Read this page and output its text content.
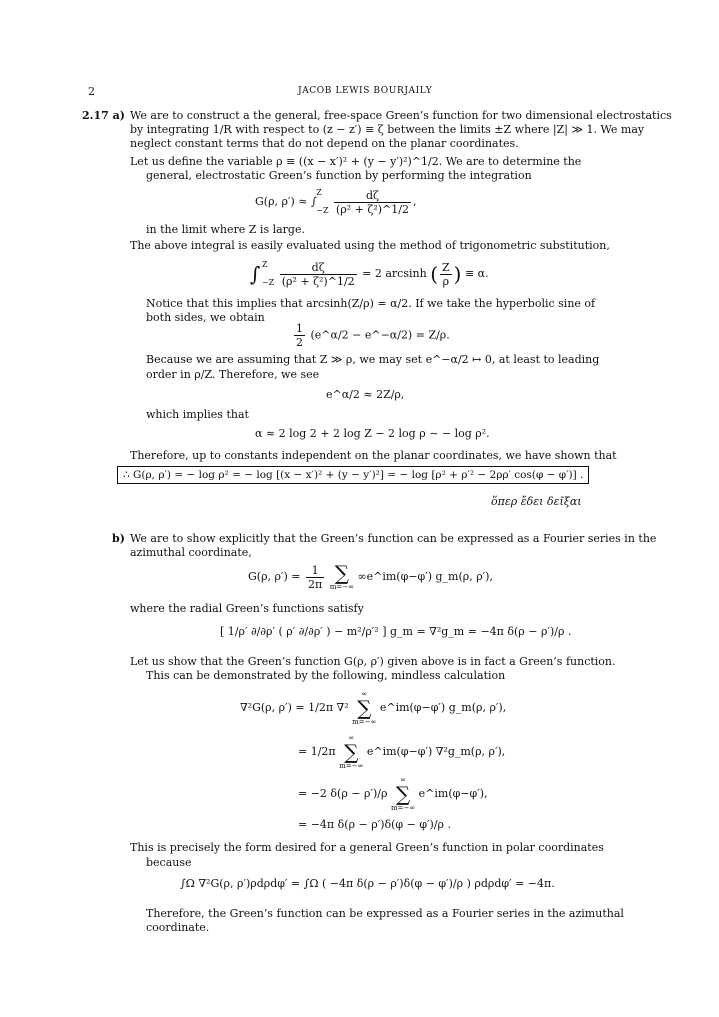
2	JACOB LEWIS BOURJAILY
2.17 a) We are to construct a the general, free-space Green’s function for two dimensional electrostatics
by integrating 1/R with respect to (z − z′) ≡ ζ between the limits ±Z where |Z| ≫ 1. We may
neglect constant terms that do not depend on the planar coordinates.
Let us define the variable ρ ≡ ((x − x′)² + (y − y′)²)^1/2. We are to determine the
general, electrostatic Green’s function by performing the integration
G(ρ, ρ′) ≈ ∫
Z
−Z
$\frac{d\zeta}{\text{(ρ² + ζ²)\textasciicircum{}1/2}}$ ,
in the limit where Z is large.
The above integral is easily evaluated using the method of trigonometric substitution,
∫ Z
−Z
$\frac{d\zeta}{\text{(ρ² + ζ²)\textasciicircum{}1/2}} = 2$ arcsinh ( $\frac{Z}{\rho}$ ) ≡ α.
Notice that this implies that arcsinh(Z/ρ) = α/2. If we take the hyperbolic sine of
both sides, we obtain
$\frac{1}{2}$ (e^α/2 − e^−α/2) = Z/ρ.
Because we are assuming that Z ≫ ρ, we may set e^−α/2 ↦ 0, at least to leading
order in ρ/Z. Therefore, we see
e^α/2 ≈ 2Z/ρ,
which implies that
α ≈ 2 log 2 + 2 log Z − 2 log ρ ∼ − log ρ².
Therefore, up to constants independent on the planar coordinates, we have shown that
∴ G(ρ, ρ′) = − log ρ² = − log [(x − x′)² + (y − y′)²] = − log [ρ² + ρ′² − 2ρρ′ cos(φ − φ′)] .
ὅπερ ἔδει δεῖξαι
b) We are to show explicitly that the Green’s function can be expressed as a Fourier series in the
azimuthal coordinate,
G(ρ, $\rho') = \frac{1}{2\pi}$
∑
m=−∞
∞e^im(φ−φ′) g_m(ρ, ρ′),
where the radial Green’s functions satisfy
[ 1/ρ′ ∂/∂ρ′ ( ρ′ ∂/∂ρ′ ) − m²/ρ′² ] g_m = ∇²g_m = −4π δ(ρ − ρ′)/ρ .
Let us show that the Green’s function G(ρ, ρ′) given above is in fact a Green’s function.
This can be demonstrated by the following, mindless calculation
∇²G(ρ, ρ′) = 1/2π ∇²
∞
∑
m=−∞
e^im(φ−φ′) g_m(ρ, ρ′),
= 1/2π
∞
∑
m=−∞
e^im(φ−φ′) ∇²g_m(ρ, ρ′),
= −2 δ(ρ − ρ′)/ρ
∞
∑
m=−∞
e^im(φ−φ′),
= −4π δ(ρ − ρ′)δ(φ − φ′)/ρ .
This is precisely the form desired for a general Green’s function in polar coordinates
because
∫Ω ∇²G(ρ, ρ′)ρdρdφ′ = ∫Ω ( −4π δ(ρ − ρ′)δ(φ − φ′)/ρ ) ρdρdφ′ = −4π.
Therefore, the Green’s function can be expressed as a Fourier series in the azimuthal
coordinate.
